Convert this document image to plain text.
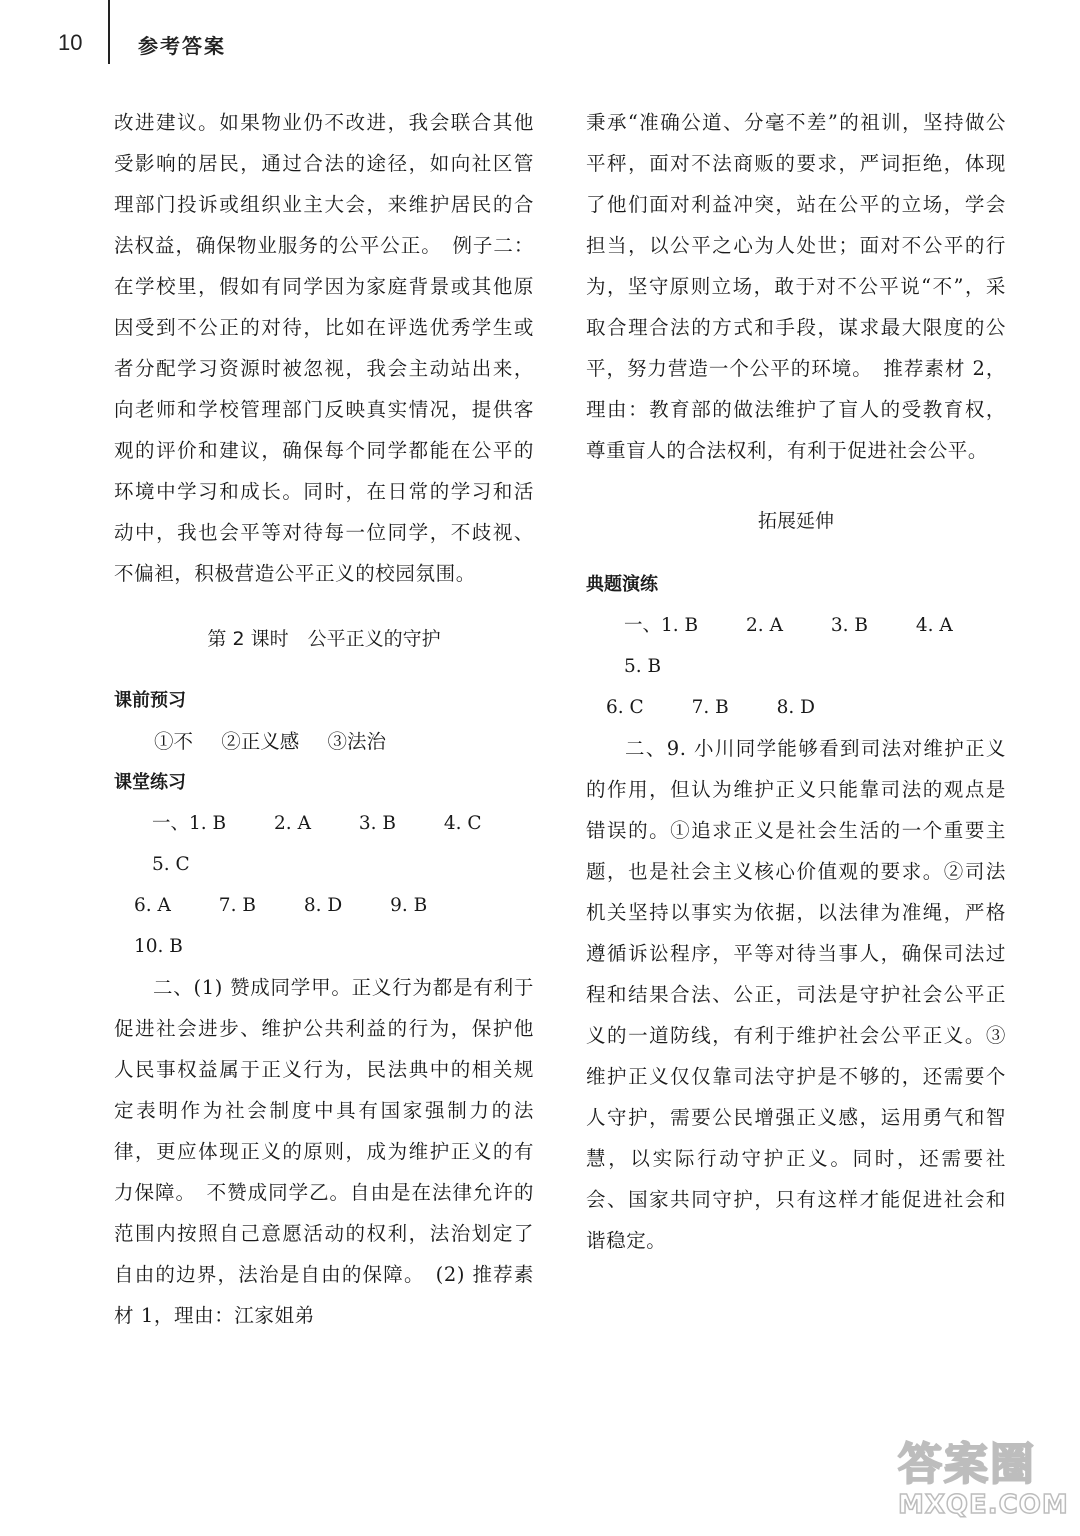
10	参考答案

改进建议。如果物业仍不改进，我会联合其他受影响的居民，通过合法的途径，如向社区管理部门投诉或组织业主大会，来维护居民的合法权益，确保物业服务的公平公正。　例子二：在学校里，假如有同学因为家庭背景或其他原因受到不公正的对待，比如在评选优秀学生或者分配学习资源时被忽视，我会主动站出来，向老师和学校管理部门反映真实情况，提供客观的评价和建议，确保每个同学都能在公平的环境中学习和成长。同时，在日常的学习和活动中，我也会平等对待每一位同学，不歧视、不偏袒，积极营造公平正义的校园氛围。

第 2 课时　公平正义的守护

课前预习

①不 ②正义感 ③法治

课堂练习

一、1. B	2. A	3. B	4. C 5. C
6. A	7. B	8. D	9. B 10. B

二、(1) 赞成同学甲。正义行为都是有利于促进社会进步、维护公共利益的行为，保护他人民事权益属于正义行为，民法典中的相关规定表明作为社会制度中具有国家强制力的法律，更应体现正义的原则，成为维护正义的有力保障。　不赞成同学乙。自由是在法律允许的范围内按照自己意愿活动的权利，法治划定了自由的边界，法治是自由的保障。　(2) 推荐素材 1，理由：江家姐弟

秉承“准确公道、分毫不差”的祖训，坚持做公平秤，面对不法商贩的要求，严词拒绝，体现了他们面对利益冲突，站在公平的立场，学会担当，以公平之心为人处世；面对不公平的行为，坚守原则立场，敢于对不公平说“不”，采取合理合法的方式和手段，谋求最大限度的公平，努力营造一个公平的环境。　推荐素材 2，理由：教育部的做法维护了盲人的受教育权，尊重盲人的合法权利，有利于促进社会公平。

拓展延伸

典题演练

一、1. B	2. A	3. B	4. A 5. B
6. C	7. B	8. D

二、9. 小川同学能够看到司法对维护正义的作用，但认为维护正义只能靠司法的观点是错误的。①追求正义是社会生活的一个重要主题，也是社会主义核心价值观的要求。②司法机关坚持以事实为依据，以法律为准绳，严格遵循诉讼程序，平等对待当事人，确保司法过程和结果合法、公正，司法是守护社会公平正义的一道防线，有利于维护社会公平正义。③维护正义仅仅靠司法守护是不够的，还需要个人守护，需要公民增强正义感，运用勇气和智慧，以实际行动守护正义。同时，还需要社会、国家共同守护，只有这样才能促进社会和谐稳定。

答案圈
MXQE.COM
